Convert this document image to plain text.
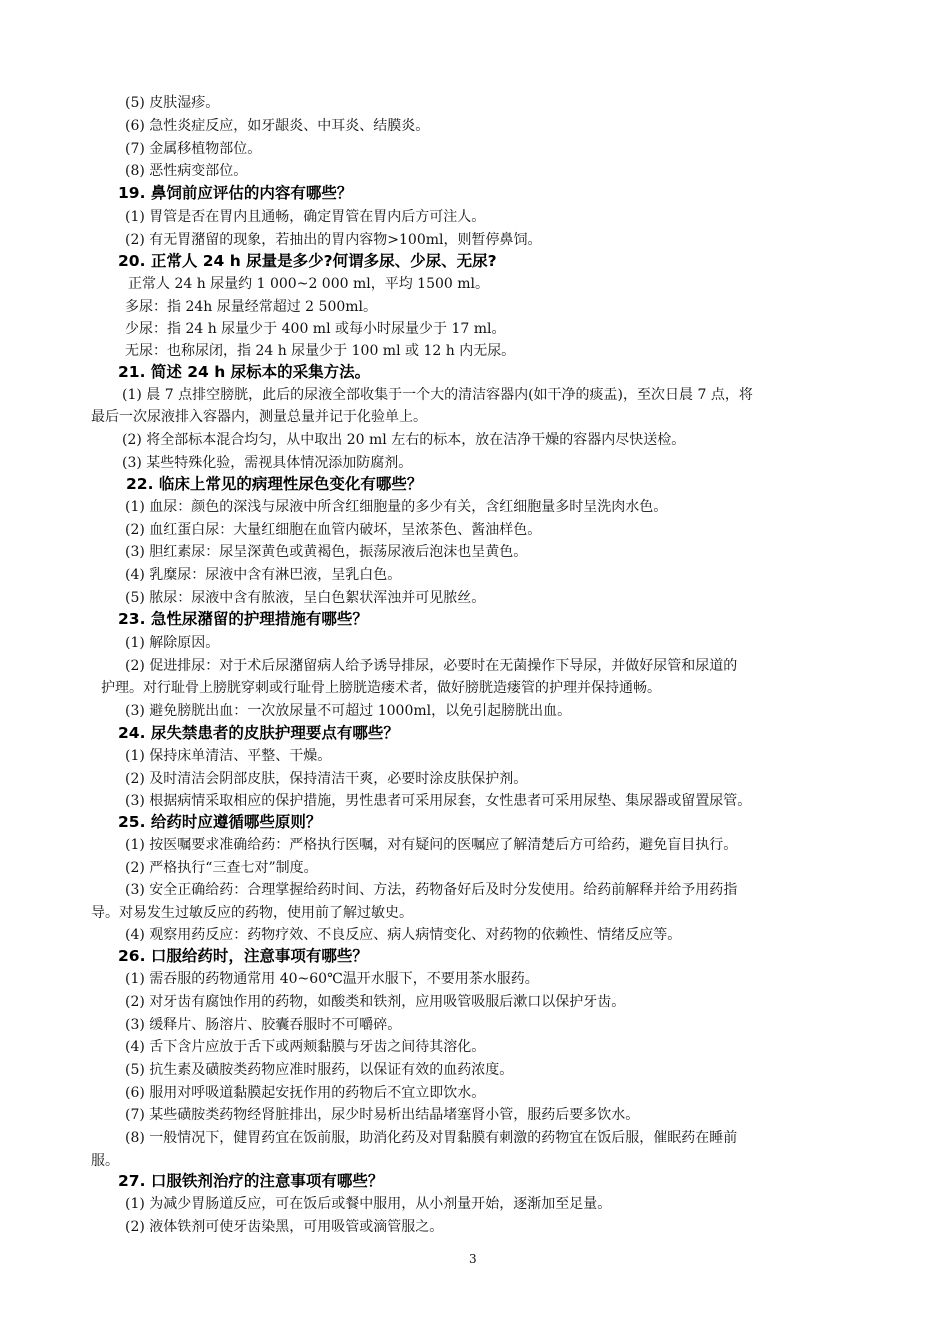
(5) 皮肤湿疹。
(6) 急性炎症反应，如牙龈炎、中耳炎、结膜炎。
(7) 金属移植物部位。
(8) 恶性病变部位。
19. 鼻饲前应评估的内容有哪些？
(1) 胃管是否在胃内且通畅，确定胃管在胃内后方可注人。
(2) 有无胃潴留的现象，若抽出的胃内容物>100ml，则暂停鼻饲。
20. 正常人 24 h 尿量是多少?何谓多尿、少尿、无尿?
正常人 24 h 尿量约 1 000~2 000 ml，平均 1500 ml。
多尿：指 24h 尿量经常超过 2 500ml。
少尿：指 24 h 尿量少于 400 ml 或每小时尿量少于 17 ml。
无尿：也称尿闭，指 24 h 尿量少于 100 ml 或 12 h 内无尿。
21. 简述 24 h 尿标本的采集方法。
(1) 晨 7 点排空膀胱，此后的尿液全部收集于一个大的清洁容器内(如干净的痰盂)，至次日晨 7 点，将
最后一次尿液排入容器内，测量总量并记于化验单上。
(2) 将全部标本混合均匀，从中取出 20 ml 左右的标本，放在洁净干燥的容器内尽快送检。
(3) 某些特殊化验，需视具体情况添加防腐剂。
22. 临床上常见的病理性尿色变化有哪些？
(1) 血尿：颜色的深浅与尿液中所含红细胞量的多少有关，含红细胞量多时呈洗肉水色。
(2) 血红蛋白尿：大量红细胞在血管内破坏，呈浓茶色、酱油样色。
(3) 胆红素尿：尿呈深黄色或黄褐色，振荡尿液后泡沫也呈黄色。
(4) 乳糜尿：尿液中含有淋巴液，呈乳白色。
(5) 脓尿：尿液中含有脓液，呈白色絮状浑浊并可见脓丝。
23. 急性尿潴留的护理措施有哪些？
(1) 解除原因。
(2) 促进排尿：对于术后尿潴留病人给予诱导排尿，必要时在无菌操作下导尿，并做好尿管和尿道的
护理。对行耻骨上膀胱穿刺或行耻骨上膀胱造瘘术者，做好膀胱造瘘管的护理并保持通畅。
(3) 避免膀胱出血：一次放尿量不可超过 1000ml，以免引起膀胱出血。
24. 尿失禁患者的皮肤护理要点有哪些？
(1) 保持床单清洁、平整、干燥。
(2) 及时清洁会阴部皮肤，保持清洁干爽，必要时涂皮肤保护剂。
(3) 根据病情采取相应的保护措施，男性患者可采用尿套，女性患者可采用尿垫、集尿器或留置尿管。
25. 给药时应遵循哪些原则？
(1) 按医嘱要求准确给药：严格执行医嘱，对有疑问的医嘱应了解清楚后方可给药，避免盲目执行。
(2) 严格执行“三查七对”制度。
(3) 安全正确给药：合理掌握给药时间、方法，药物备好后及时分发使用。给药前解释并给予用药指
导。对易发生过敏反应的药物，使用前了解过敏史。
(4) 观察用药反应：药物疗效、不良反应、病人病情变化、对药物的依赖性、情绪反应等。
26. 口服给药时，注意事项有哪些？
(1) 需吞服的药物通常用 40~60℃温开水服下，不要用茶水服药。
(2) 对牙齿有腐蚀作用的药物，如酸类和铁剂，应用吸管吸服后漱口以保护牙齿。
(3) 缓释片、肠溶片、胶囊吞服时不可嚼碎。
(4) 舌下含片应放于舌下或两颊黏膜与牙齿之间待其溶化。
(5) 抗生素及磺胺类药物应准时服药，以保证有效的血药浓度。
(6) 服用对呼吸道黏膜起安抚作用的药物后不宜立即饮水。
(7) 某些磺胺类药物经肾脏排出，尿少时易析出结晶堵塞肾小管，服药后要多饮水。
(8) 一般情况下，健胃药宜在饭前服，助消化药及对胃黏膜有刺激的药物宜在饭后服，催眠药在睡前
服。
27. 口服铁剂治疗的注意事项有哪些？
(1) 为减少胃肠道反应，可在饭后或餐中服用，从小剂量开始，逐渐加至足量。
(2) 液体铁剂可使牙齿染黑，可用吸管或滴管服之。
3
